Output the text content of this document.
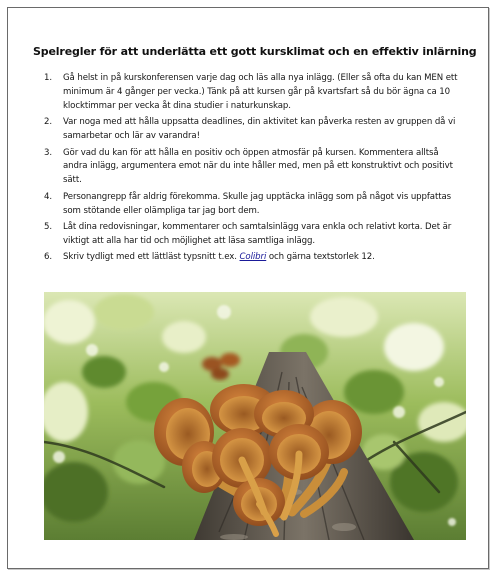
Spelregler för att underlätta ett gott kursklimat och en effektiv inlärning
1. Gå helst in på kurskonferensen varje dag och läs alla nya inlägg. (Eller så ofta du kan MEN ett minimum är 4 gånger per vecka.) Tänk på att kursen går på kvartsfart så du bör ägna ca 10 klocktimmar per vecka åt dina studier i naturkunskap.
2. Var noga med att hålla uppsatta deadlines, din aktivitet kan påverka resten av gruppen då vi samarbetar och lär av varandra!
3. Gör vad du kan för att hålla en positiv och öppen atmosfär på kursen. Kommentera alltså andra inlägg, argumentera emot när du inte håller med, men på ett konstruktivt och positivt sätt.
4. Personangrepp får aldrig förekomma. Skulle jag upptäcka inlägg som på något vis uppfattas som stötande eller olämpliga tar jag bort dem.
5. Låt dina redovisningar, kommentarer och samtalsinlägg vara enkla och relativt korta. Det är viktigt att alla har tid och möjlighet att läsa samtliga inlägg.
6. Skriv tydligt med ett lättläst typsnitt t.ex. Colibri och gärna textstorlek 12.
